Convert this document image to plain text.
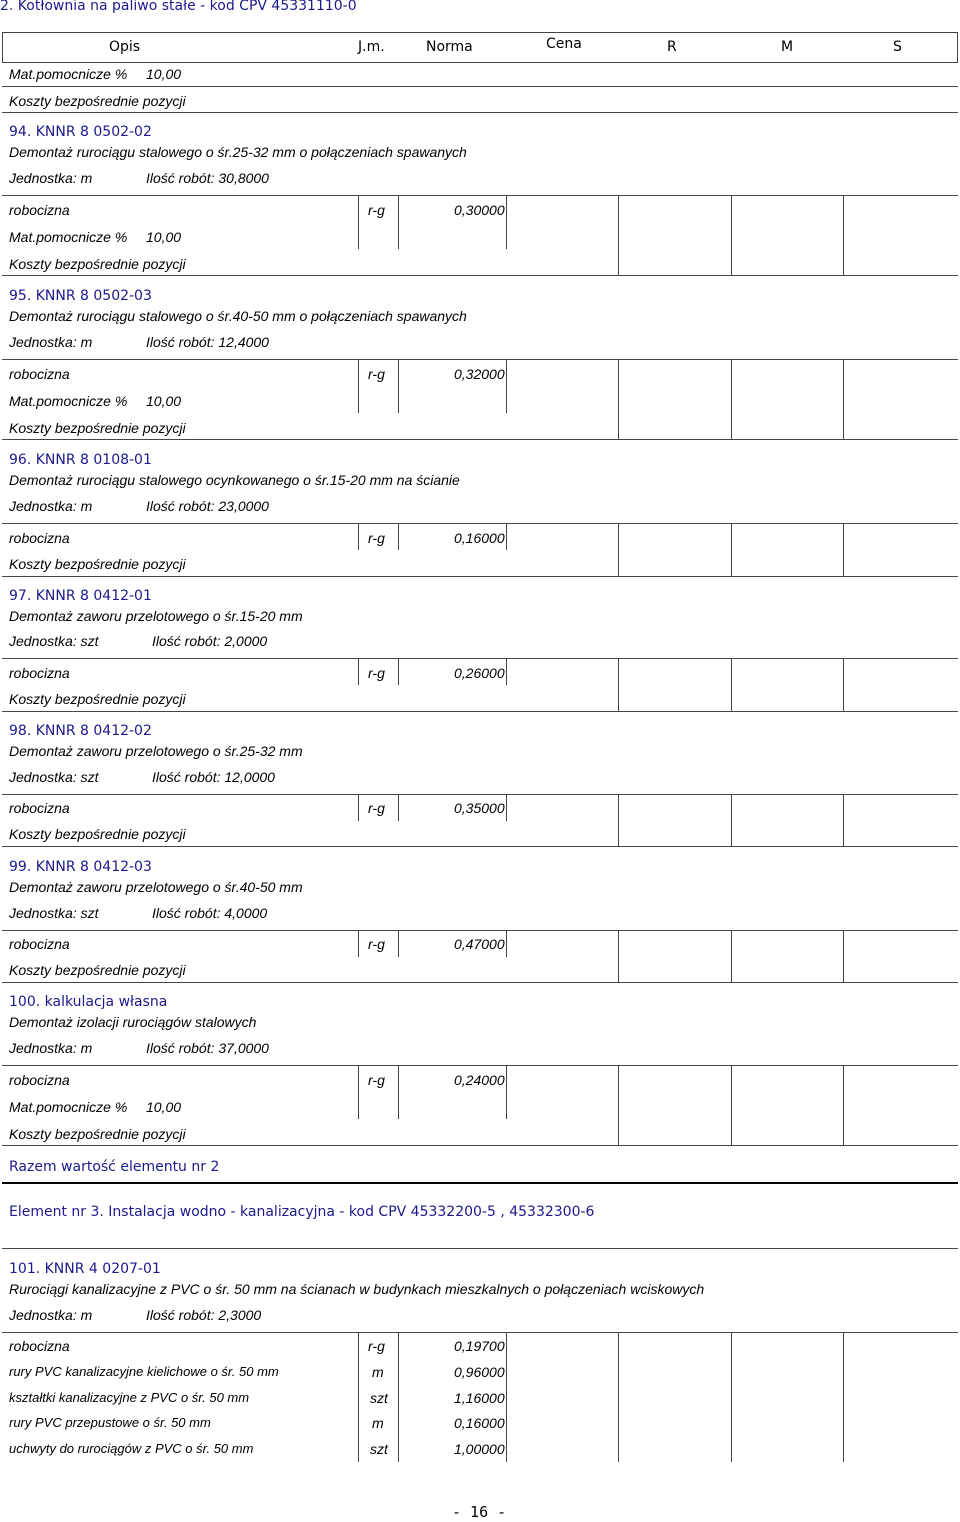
2. Kotłownia na paliwo stałe - kod CPV 45331110-0
Opis	J.m.	Norma	Cena	R	M	S
Mat.pomocnicze % 10,00
Koszty bezpośrednie pozycji
94. KNNR 8 0502-02
Demontaż rurociągu stalowego o śr.25-32 mm o połączeniach spawanych
Jednostka: m	Ilość robót: 30,8000
robocizna	r-g	0,30000
Mat.pomocnicze % 10,00
Koszty bezpośrednie pozycji
95. KNNR 8 0502-03
Demontaż rurociągu stalowego o śr.40-50 mm o połączeniach spawanych
Jednostka: m	Ilość robót: 12,4000
robocizna	r-g	0,32000
Mat.pomocnicze % 10,00
Koszty bezpośrednie pozycji
96. KNNR 8 0108-01
Demontaż rurociągu stalowego ocynkowanego o śr.15-20 mm na ścianie
Jednostka: m	Ilość robót: 23,0000
robocizna	r-g	0,16000
Koszty bezpośrednie pozycji
97. KNNR 8 0412-01
Demontaż zaworu przelotowego o śr.15-20 mm
Jednostka: szt	Ilość robót: 2,0000
robocizna	r-g	0,26000
Koszty bezpośrednie pozycji
98. KNNR 8 0412-02
Demontaż zaworu przelotowego o śr.25-32 mm
Jednostka: szt	Ilość robót: 12,0000
robocizna	r-g	0,35000
Koszty bezpośrednie pozycji
99. KNNR 8 0412-03
Demontaż zaworu przelotowego o śr.40-50 mm
Jednostka: szt	Ilość robót: 4,0000
robocizna	r-g	0,47000
Koszty bezpośrednie pozycji
100. kalkulacja własna
Demontaż izolacji rurociągów stalowych
Jednostka: m	Ilość robót: 37,0000
robocizna	r-g	0,24000
Mat.pomocnicze % 10,00
Koszty bezpośrednie pozycji
Razem wartość elementu nr 2
Element nr 3. Instalacja wodno - kanalizacyjna - kod CPV 45332200-5 , 45332300-6
101. KNNR 4 0207-01
Rurociągi kanalizacyjne z PVC o śr. 50 mm na ścianach w budynkach mieszkalnych o połączeniach wciskowych
Jednostka: m	Ilość robót: 2,3000
robocizna	r-g	0,19700
rury PVC kanalizacyjne kielichowe o śr. 50 mm	m	0,96000
kształtki kanalizacyjne z PVC o śr. 50 mm	szt	1,16000
rury PVC przepustowe o śr. 50 mm	m	0,16000
uchwyty do rurociągów z PVC o śr. 50 mm	szt	1,00000
- 16 -
